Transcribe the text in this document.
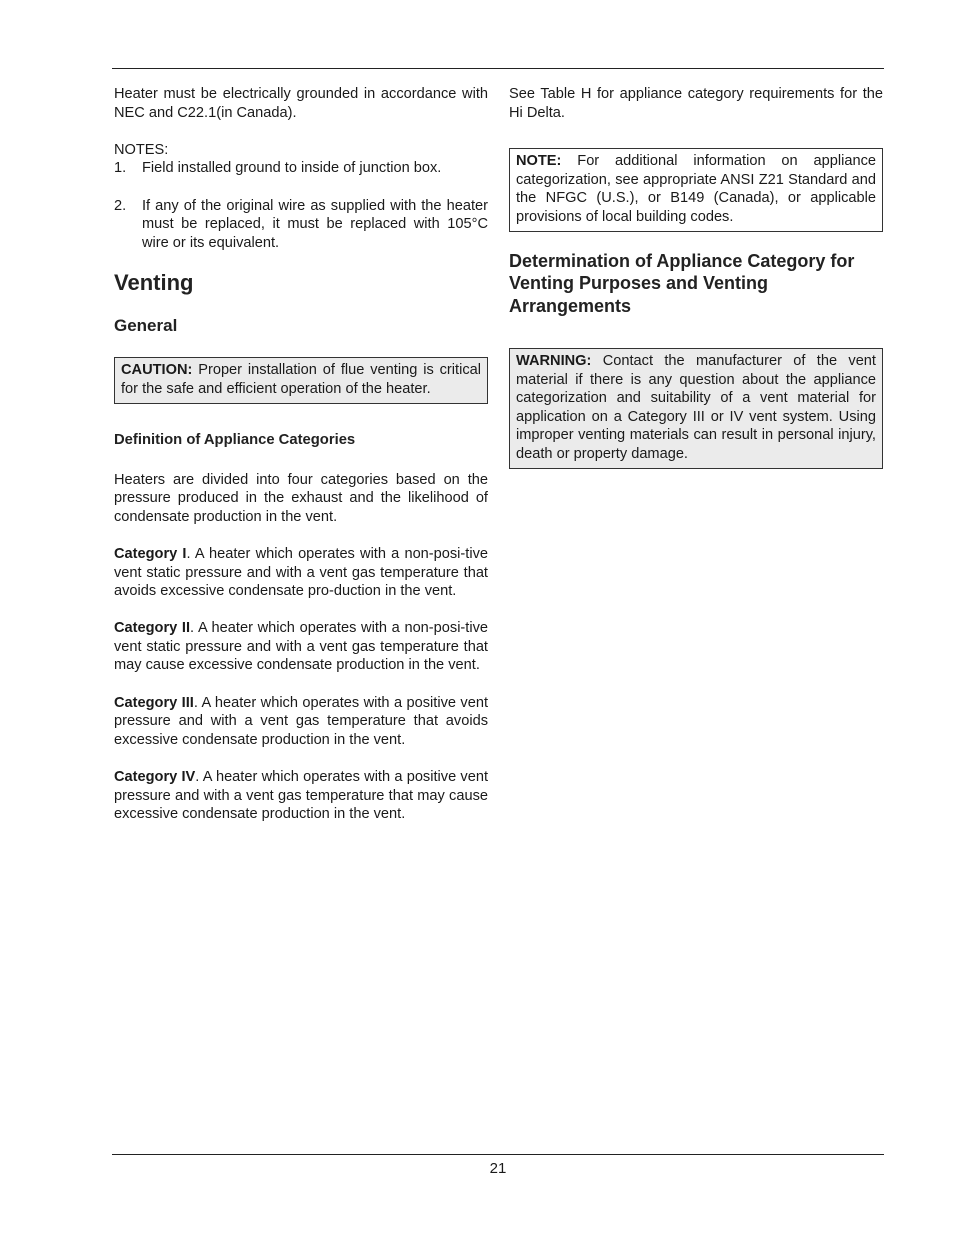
Heater must be electrically grounded in accordance with NEC and C22.1(in Canada).

NOTES:

1.	Field installed ground to inside of junction box.
2.	If any of the original wire as supplied with the heater must be replaced, it must be replaced with 105°C wire or its equivalent.
Venting
General

CAUTION: Proper installation of flue venting is critical for the safe and efficient operation of the heater.

Definition of Appliance Categories

Heaters are divided into four categories based on the pressure produced in the exhaust and the likelihood of condensate production in the vent.

Category I. A heater which operates with a non-posi-tive vent static pressure and with a vent gas temperature that avoids excessive condensate pro-duction in the vent.

Category II. A heater which operates with a non-posi-tive vent static pressure and with a vent gas temperature that may cause excessive condensate production in the vent.

Category III. A heater which operates with a positive vent pressure and with a vent gas temperature that avoids excessive condensate production in the vent.

Category IV. A heater which operates with a positive vent pressure and with a vent gas temperature that may cause excessive condensate production in the vent.

See Table H for appliance category requirements for the Hi Delta.

NOTE: For additional information on appliance categorization, see appropriate ANSI Z21 Standard and the NFGC (U.S.), or B149 (Canada), or applicable provisions of local building codes.

Determination of Appliance Category for Venting Purposes and Venting Arrangements

WARNING: Contact the manufacturer of the vent material if there is any question about the appliance categorization and suitability of a vent material for application on a Category III or IV vent system. Using improper venting materials can result in personal injury, death or property damage.

21
